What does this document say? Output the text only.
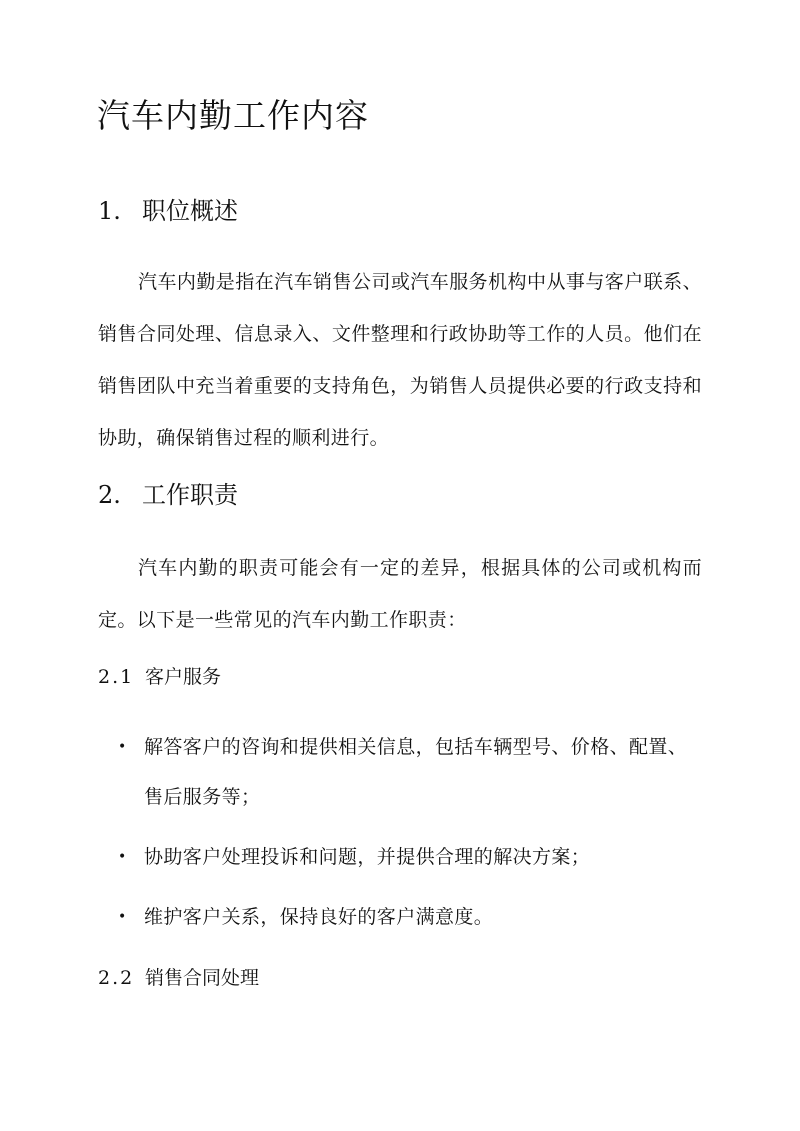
汽车内勤工作内容
1. 职位概述

汽车内勤是指在汽车销售公司或汽车服务机构中从事与客户联系、销售合同处理、信息录入、文件整理和行政协助等工作的人员。他们在销售团队中充当着重要的支持角色，为销售人员提供必要的行政支持和协助，确保销售过程的顺利进行。

2. 工作职责

汽车内勤的职责可能会有一定的差异，根据具体的公司或机构而定。以下是一些常见的汽车内勤工作职责：

2.1 客户服务
• 解答客户的咨询和提供相关信息，包括车辆型号、价格、配置、售后服务等；
• 协助客户处理投诉和问题，并提供合理的解决方案；
• 维护客户关系，保持良好的客户满意度。
2.2 销售合同处理
